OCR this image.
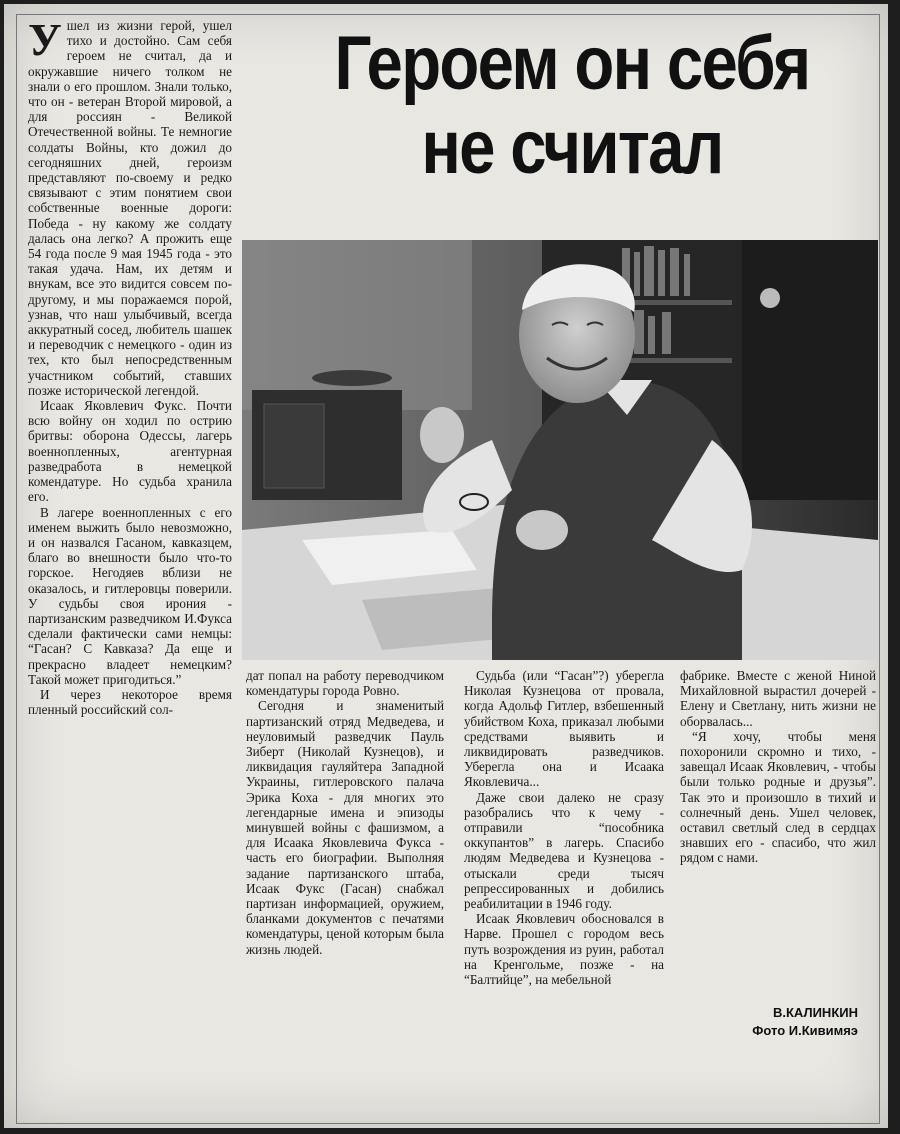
Ушел из жизни герой, ушел тихо и достойно. Сам себя героем не считал, да и окружавшие ничего толком не знали о его прошлом. Знали только, что он - ветеран Второй мировой, а для россиян - Великой Отечественной войны. Те немногие солдаты Войны, кто дожил до сегодняшних дней, героизм представляют по-своему и редко связывают с этим понятием свои собственные военные дороги: Победа - ну какому же солдату далась она легко? А прожить еще 54 года после 9 мая 1945 года - это такая удача. Нам, их детям и внукам, все это видится совсем по-другому, и мы поражаемся порой, узнав, что наш улыбчивый, всегда аккуратный сосед, любитель шашек и переводчик с немецкого - один из тех, кто был непосредственным участником событий, ставших позже исторической легендой.

Исаак Яковлевич Фукс. Почти всю войну он ходил по острию бритвы: оборона Одессы, лагерь военнопленных, агентурная разведработа в немецкой комендатуре. Но судьба хранила его.

В лагере военнопленных с его именем выжить было невозможно, и он назвался Гасаном, кавказцем, благо во внешности было что-то горское. Негодяев вблизи не оказалось, и гитлеровцы поверили. У судьбы своя ирония - партизанским разведчиком И.Фукса сделали фактически сами немцы: “Гасан? С Кавказа? Да еще и прекрасно владеет немецким? Такой может пригодиться.”

И через некоторое время пленный российский сол-

Героем он себя
не считал

дат попал на работу переводчиком комендатуры города Ровно.

Сегодня и знаменитый партизанский отряд Медведева, и неуловимый разведчик Пауль Зиберт (Николай Кузнецов), и ликвидация гауляйтера Западной Украины, гитлеровского палача Эрика Коха - для многих это легендарные имена и эпизоды минувшей войны с фашизмом, а для Исаака Яковлевича Фукса - часть его биографии. Выполняя задание партизанского штаба, Исаак Фукс (Гасан) снабжал партизан информацией, оружием, бланками документов с печатями комендатуры, ценой которым была жизнь людей.

Судьба (или “Гасан”?) уберегла Николая Кузнецова от провала, когда Адольф Гитлер, взбешенный убийством Коха, приказал любыми средствами выявить и ликвидировать разведчиков. Уберегла она и Исаака Яковлевича...

Даже свои далеко не сразу разобрались что к чему - отправили “пособника оккупантов” в лагерь. Спасибо людям Медведева и Кузнецова - отыскали среди тысяч репрессированных и добились реабилитации в 1946 году.

Исаак Яковлевич обосновался в Нарве. Прошел с городом весь путь возрождения из руин, работал на Кренгольме, позже - на “Балтийце”, на мебельной

фабрике. Вместе с женой Ниной Михайловной вырастил дочерей - Елену и Светлану, нить жизни не оборвалась...

“Я хочу, чтобы меня похоронили скромно и тихо, - завещал Исаак Яковлевич, - чтобы были только родные и друзья”. Так это и произошло в тихий и солнечный день. Ушел человек, оставил светлый след в сердцах знавших его - спасибо, что жил рядом с нами.

В.КАЛИНКИН
Фото И.Кивимяэ
